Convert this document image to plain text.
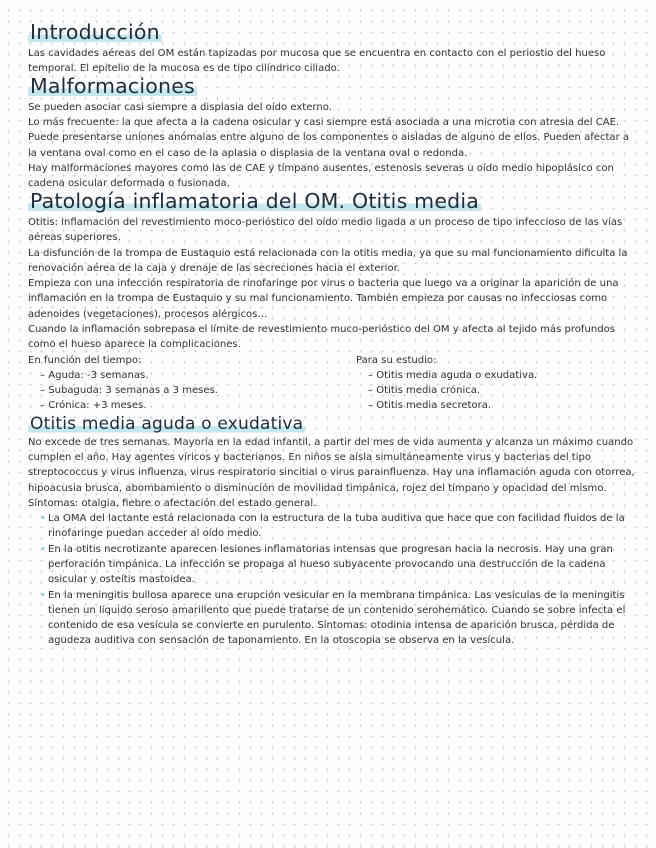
Introducción

Las cavidades aéreas del OM están tapizadas por mucosa que se encuentra en contacto con el periostio del hueso temporal. El epitelio de la mucosa es de tipo cilíndrico ciliado.

Malformaciones

Se pueden asociar casi siempre a displasia del oído externo.

Lo más frecuente: la que afecta a la cadena osicular y casi siempre está asociada a una microtia con atresia del CAE. Puede presentarse uniones anómalas entre alguno de los componentes o aisladas de alguno de ellos. Pueden afectar a la ventana oval como en el caso de la aplasia o displasia de la ventana oval o redonda.

Hay malformaciones mayores como las de CAE y tímpano ausentes, estenosis severas u oído medio hipoplásico con cadena osicular deformada o fusionada.

Patología inflamatoria del OM. Otitis media

Otitis: inflamación del revestimiento moco-perióstico del oído medio ligada a un proceso de tipo infeccioso de las vías aéreas superiores.

La disfunción de la trompa de Eustaquio está relacionada con la otitis media, ya que su mal funcionamiento dificulta la renovación aérea de la caja y drenaje de las secreciones hacia el exterior.

Empieza con una infección respiratoria de rinofaringe por virus o bacteria que luego va a originar la aparición de una inflamación en la trompa de Eustaquio y su mal funcionamiento. También empieza por causas no infecciosas como adenoides (vegetaciones), procesos alérgicos…

Cuando la inflamación sobrepasa el límite de revestimiento muco-perióstico del OM y afecta al tejido más profundos como el hueso aparece la complicaciones.

En función del tiempo:
– Aguda: -3 semanas.
– Subaguda: 3 semanas a 3 meses.
– Crónica: +3 meses.
Para su estudio:
– Otitis media aguda o exudativa.
– Otitis media crónica.
– Otitis media secretora.
Otitis media aguda o exudativa

No excede de tres semanas. Mayoría en la edad infantil, a partir del mes de vida aumenta y alcanza un máximo cuando cumplen el año. Hay agentes víricos y bacterianos. En niños se aísla simultáneamente virus y bacterias del tipo streptococcus y virus influenza, virus respiratorio sincitial o virus parainfluenza. Hay una inflamación aguda con otorrea, hipoacusia brusca, abombamiento o disminución de movilidad timpánica, rojez del tímpano y opacidad del mismo. Síntomas: otalgia, fiebre o afectación del estado general.

• La OMA del lactante está relacionada con la estructura de la tuba auditiva que hace que con facilidad fluidos de la rinofaringe puedan acceder al oído medio.
• En la otitis necrotizante aparecen lesiones inflamatorias intensas que progresan hacia la necrosis. Hay una gran perforación timpánica. La infección se propaga al hueso subyacente provocando una destrucción de la cadena osicular y osteítis mastoidea.
• En la meningitis bullosa aparece una erupción vesicular en la membrana timpánica. Las vesículas de la meningitis tienen un líquido seroso amarillento que puede tratarse de un contenido serohemático. Cuando se sobre infecta el contenido de esa vesícula se convierte en purulento. Síntomas: otodinia intensa de aparición brusca, pérdida de agudeza auditiva con sensación de taponamiento. En la otoscopia se observa en la vesícula.
